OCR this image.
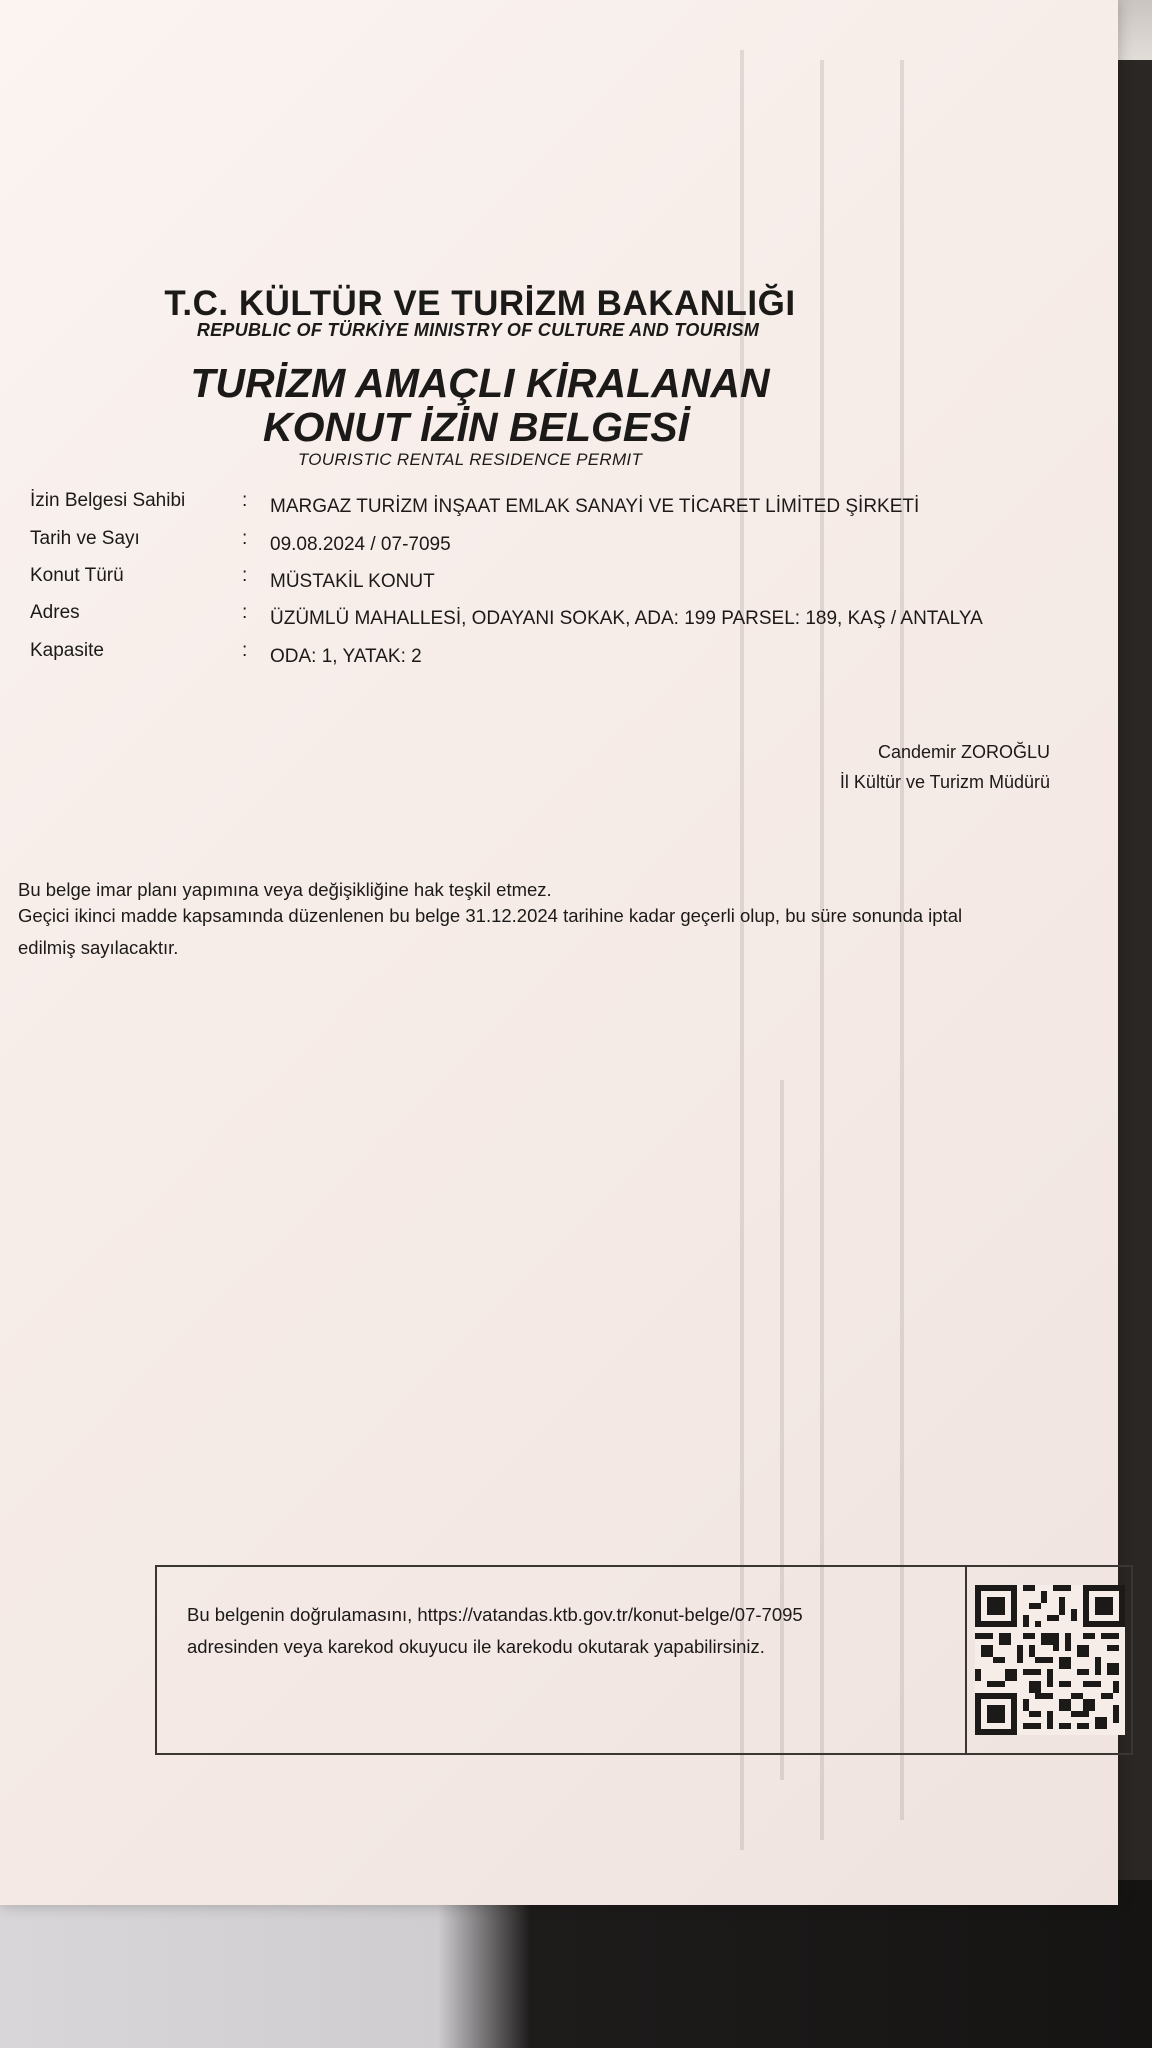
T.C. KÜLTÜR VE TURİZM BAKANLIĞI
REPUBLIC OF TÜRKİYE MINISTRY OF CULTURE AND TOURISM
TURİZM AMAÇLI KİRALANAN
KONUT İZİN BELGESİ
TOURISTIC RENTAL RESIDENCE PERMIT
İzin Belgesi Sahibi	: MARGAZ TURİZM İNŞAAT EMLAK SANAYİ VE TİCARET LİMİTED ŞİRKETİ
Tarih ve Sayı	: 09.08.2024 / 07-7095
Konut Türü	: MÜSTAKİL KONUT
Adres	: ÜZÜMLÜ MAHALLESİ, ODAYANI SOKAK, ADA: 199 PARSEL: 189, KAŞ / ANTALYA
Kapasite	: ODA: 1, YATAK: 2
Candemir ZOROĞLU
İl Kültür ve Turizm Müdürü
Bu belge imar planı yapımına veya değişikliğine hak teşkil etmez.
Geçici ikinci madde kapsamında düzenlenen bu belge 31.12.2024 tarihine kadar geçerli olup, bu süre sonunda iptal
edilmiş sayılacaktır.
Bu belgenin doğrulamasını, https://vatandas.ktb.gov.tr/konut-belge/07-7095
adresinden veya karekod okuyucu ile karekodu okutarak yapabilirsiniz.
